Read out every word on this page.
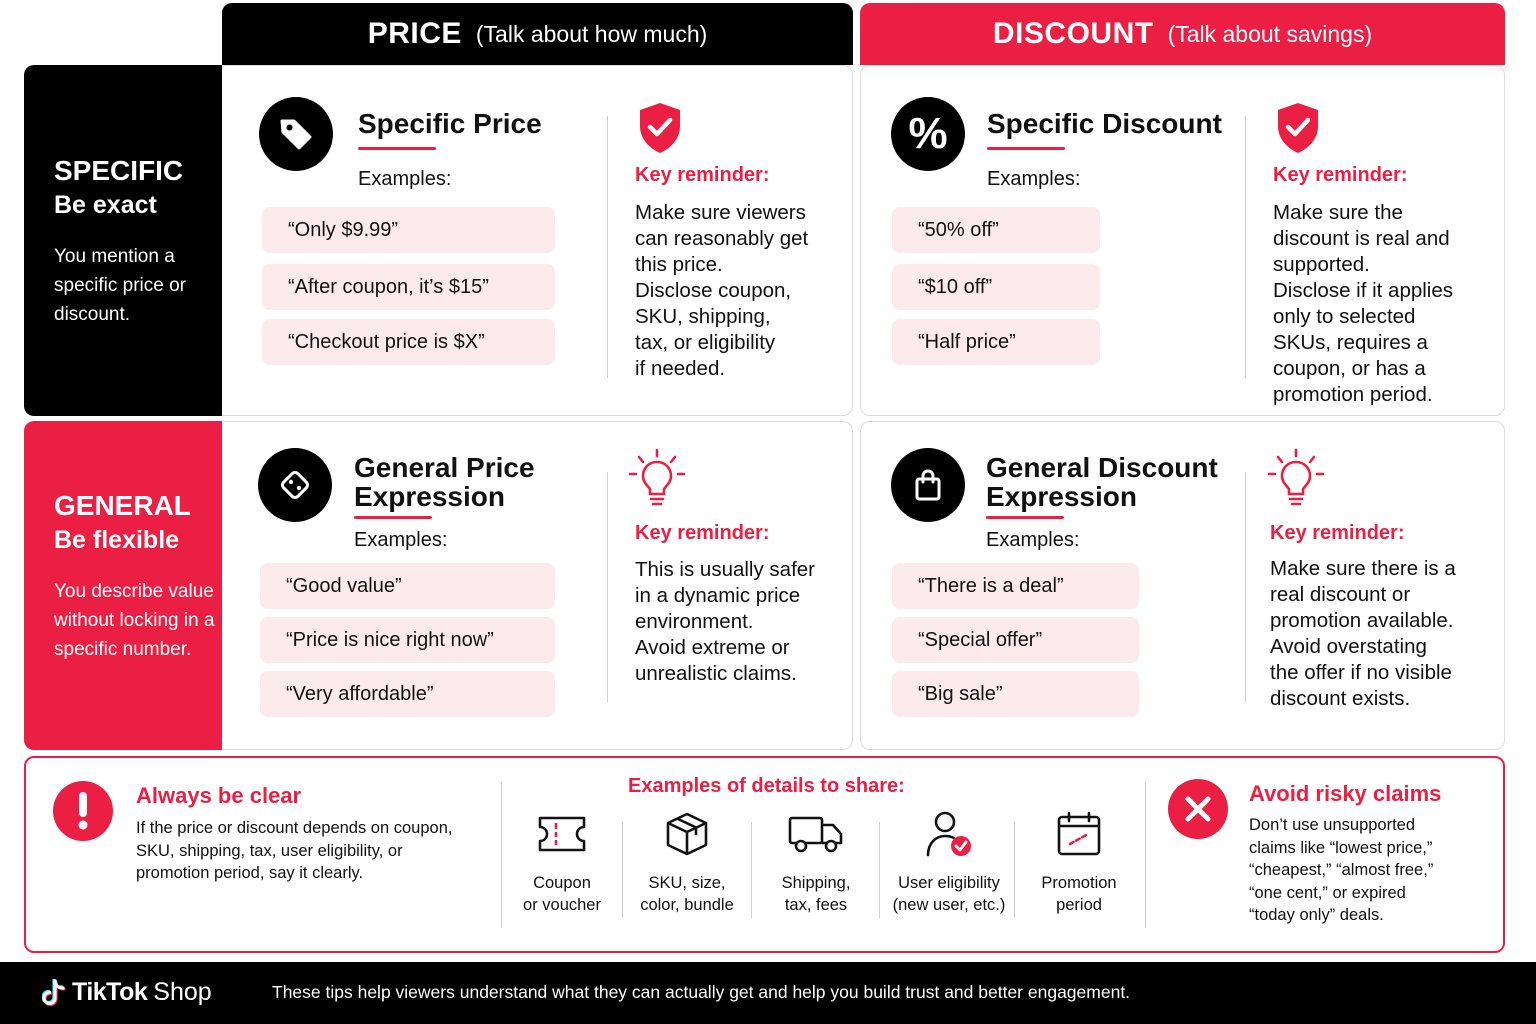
PRICE (Talk about how much)	DISCOUNT (Talk about savings)
SPECIFIC
Be exact
You mention a specific price or discount.
GENERAL
Be flexible
You describe value without locking in a specific number.
Specific Price
Examples:
“Only $9.99”
“After coupon, it’s $15”
“Checkout price is $X”
Key reminder:
Make sure viewers
can reasonably get
this price.
Disclose coupon,
SKU, shipping,
tax, or eligibility
if needed.
% Specific Discount
Examples:
“50% off”
“$10 off”
“Half price”
Key reminder:
Make sure the
discount is real and
supported.
Disclose if it applies
only to selected
SKUs, requires a
coupon, or has a
promotion period.
General Price
Expression
Examples:
“Good value”
“Price is nice right now”
“Very affordable”
Key reminder:
This is usually safer
in a dynamic price
environment.
Avoid extreme or
unrealistic claims.
General Discount
Expression
Examples:
“There is a deal”
“Special offer”
“Big sale”
Key reminder:
Make sure there is a
real discount or
promotion available.
Avoid overstating
the offer if no visible
discount exists.
Always be clear
If the price or discount depends on coupon,
SKU, shipping, tax, user eligibility, or
promotion period, say it clearly.
Examples of details to share:
Coupon
or voucher
SKU, size,
color, bundle
Shipping,
tax, fees
User eligibility
(new user, etc.)
Promotion
period
Avoid risky claims
Don’t use unsupported
claims like “lowest price,”
“cheapest,” “almost free,”
“one cent,” or expired
“today only” deals.
TikTok Shop	These tips help viewers understand what they can actually get and help you build trust and better engagement.
